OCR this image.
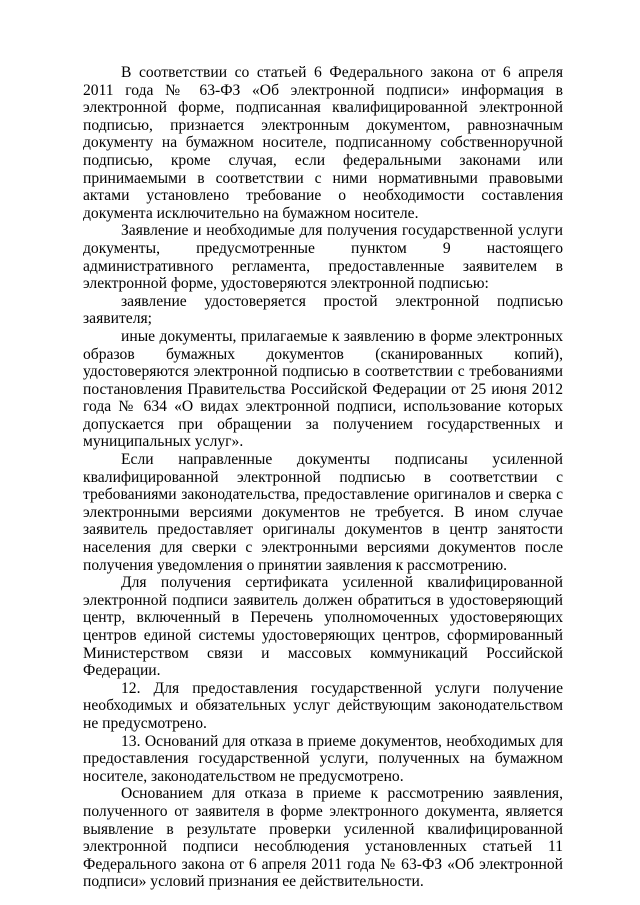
В соответствии со статьей 6 Федерального закона от 6 апреля 2011 года № 63-ФЗ «Об электронной подписи» информация в электронной форме, подписанная квалифицированной электронной подписью, признается электронным документом, равнозначным документу на бумажном носителе, подписанному собственноручной подписью, кроме случая, если федеральными законами или принимаемыми в соответствии с ними нормативными правовыми актами установлено требование о необходимости составления документа исключительно на бумажном носителе.

Заявление и необходимые для получения государственной услуги документы, предусмотренные пунктом 9 настоящего административного регламента, предоставленные заявителем в электронной форме, удостоверяются электронной подписью:

заявление удостоверяется простой электронной подписью заявителя;

иные документы, прилагаемые к заявлению в форме электронных образов бумажных документов (сканированных копий), удостоверяются электронной подписью в соответствии с требованиями постановления Правительства Российской Федерации от 25 июня 2012 года № 634 «О видах электронной подписи, использование которых допускается при обращении за получением государственных и муниципальных услуг».

Если направленные документы подписаны усиленной квалифицированной электронной подписью в соответствии с требованиями законодательства, предоставление оригиналов и сверка с электронными версиями документов не требуется. В ином случае заявитель предоставляет оригиналы документов в центр занятости населения для сверки с электронными версиями документов после получения уведомления о принятии заявления к рассмотрению.

Для получения сертификата усиленной квалифицированной электронной подписи заявитель должен обратиться в удостоверяющий центр, включенный в Перечень уполномоченных удостоверяющих центров единой системы удостоверяющих центров, сформированный Министерством связи и массовых коммуникаций Российской Федерации.

12. Для предоставления государственной услуги получение необходимых и обязательных услуг действующим законодательством не предусмотрено.

13. Оснований для отказа в приеме документов, необходимых для предоставления государственной услуги, полученных на бумажном носителе, законодательством не предусмотрено.

Основанием для отказа в приеме к рассмотрению заявления, полученного от заявителя в форме электронного документа, является выявление в результате проверки усиленной квалифицированной электронной подписи несоблюдения установленных статьей 11 Федерального закона от 6 апреля 2011 года № 63-ФЗ «Об электронной подписи» условий признания ее действительности.
